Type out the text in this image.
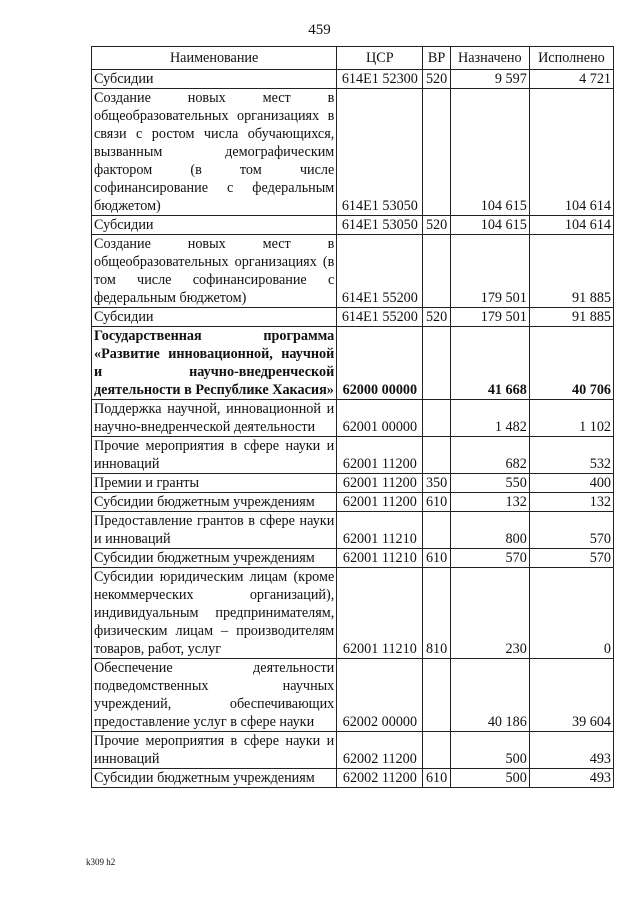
459
Наименование	ЦСР	ВР	Назначено	Исполнено
Субсидии	614E1 52300	520	9 597	4 721
Создание новых мест в общеобразовательных организациях в связи с ростом числа обучающихся, вызванным демографическим фактором (в том числе софинансирование с федеральным бюджетом)	614E1 53050		104 615	104 614
Субсидии	614E1 53050	520	104 615	104 614
Создание новых мест в общеобразовательных организациях (в том числе софинансирование с федеральным бюджетом)	614E1 55200		179 501	91 885
Субсидии	614E1 55200	520	179 501	91 885
Государственная программа «Развитие инновационной, научной и научно-внедренческой деятельности в Республике Хакасия»	62000 00000		41 668	40 706
Поддержка научной, инновационной и научно-внедренческой деятельности	62001 00000		1 482	1 102
Прочие мероприятия в сфере науки и инноваций	62001 11200		682	532
Премии и гранты	62001 11200	350	550	400
Субсидии бюджетным учреждениям	62001 11200	610	132	132
Предоставление грантов в сфере науки и инноваций	62001 11210		800	570
Субсидии бюджетным учреждениям	62001 11210	610	570	570
Субсидии юридическим лицам (кроме некоммерческих организаций), индивидуальным предпринимателям, физическим лицам – производителям товаров, работ, услуг	62001 11210	810	230	0
Обеспечение деятельности подведомственных научных учреждений, обеспечивающих предоставление услуг в сфере науки	62002 00000		40 186	39 604
Прочие мероприятия в сфере науки и инноваций	62002 11200		500	493
Субсидии бюджетным учреждениям	62002 11200	610	500	493
k309 h2
